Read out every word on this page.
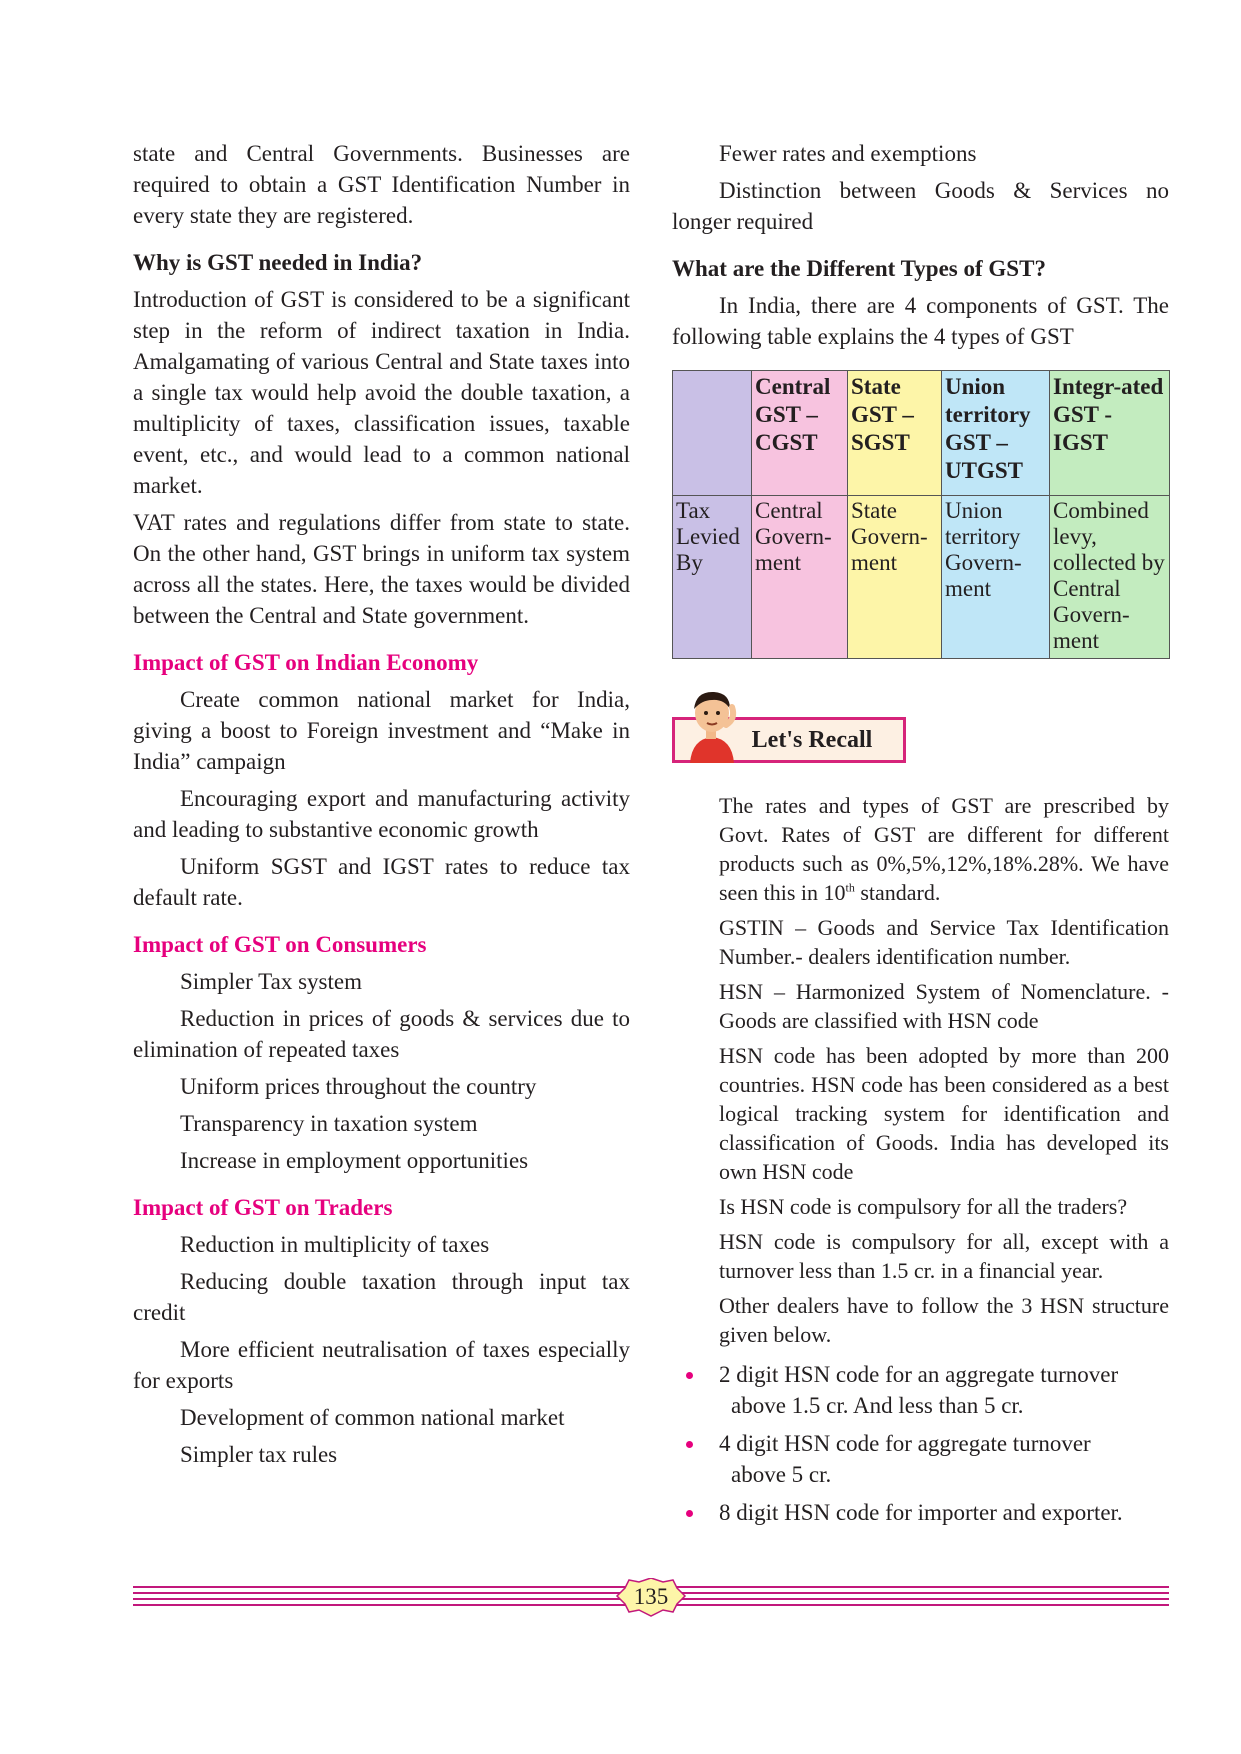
state and Central Governments. Businesses are required to obtain a GST Identification Number in every state they are registered.

Why is GST needed in India?

Introduction of GST is considered to be a significant step in the reform of indirect taxation in India. Amalgamating of various Central and State taxes into a single tax would help avoid the double taxation, a multiplicity of taxes, classification issues, taxable event, etc., and would lead to a common national market.

VAT rates and regulations differ from state to state. On the other hand, GST brings in uniform tax system across all the states. Here, the taxes would be divided between the Central and State government.

Impact of GST on Indian Economy

Create common national market for India, giving a boost to Foreign investment and “Make in India” campaign

Encouraging export and manufacturing activity and leading to substantive economic growth

Uniform SGST and IGST rates to reduce tax default rate.

Impact of GST on Consumers

Simpler Tax system

Reduction in prices of goods & services due to elimination of repeated taxes

Uniform prices throughout the country

Transparency in taxation system

Increase in employment opportunities

Impact of GST on Traders

Reduction in multiplicity of taxes

Reducing double taxation through input tax credit

More efficient neutralisation of taxes especially for exports

Development of common national market

Simpler tax rules

Fewer rates and exemptions

Distinction between Goods & Services no longer required

What are the Different Types of GST?

In India, there are 4 components of GST. The following table explains the 4 types of GST

	Central GST – CGST	State GST – SGST	Union territory GST – UTGST	Integr-ated GST - IGST
Tax Levied By	Central Govern-ment	State Govern-ment	Union territory Govern-ment	Combined levy, collected by Central Govern-ment
Let's Recall

The rates and types of GST are prescribed by Govt. Rates of GST are different for different products such as 0%,5%,12%,18%.28%. We have seen this in 10th standard.

GSTIN – Goods and Service Tax Identification Number.- dealers identification number.

HSN – Harmonized System of Nomenclature. - Goods are classified with HSN code

HSN code has been adopted by more than 200 countries. HSN code has been considered as a best logical tracking system for identification and classification of Goods. India has developed its own HSN code

Is HSN code is compulsory for all the traders?

HSN code is compulsory for all, except with a turnover less than 1.5 cr. in a financial year.

Other dealers have to follow the 3 HSN structure given below.

2 digit HSN code for an aggregate turnover

above 1.5 cr. And less than 5 cr.

4 digit HSN code for aggregate turnover

above 5 cr.

8 digit HSN code for importer and exporter.

135
